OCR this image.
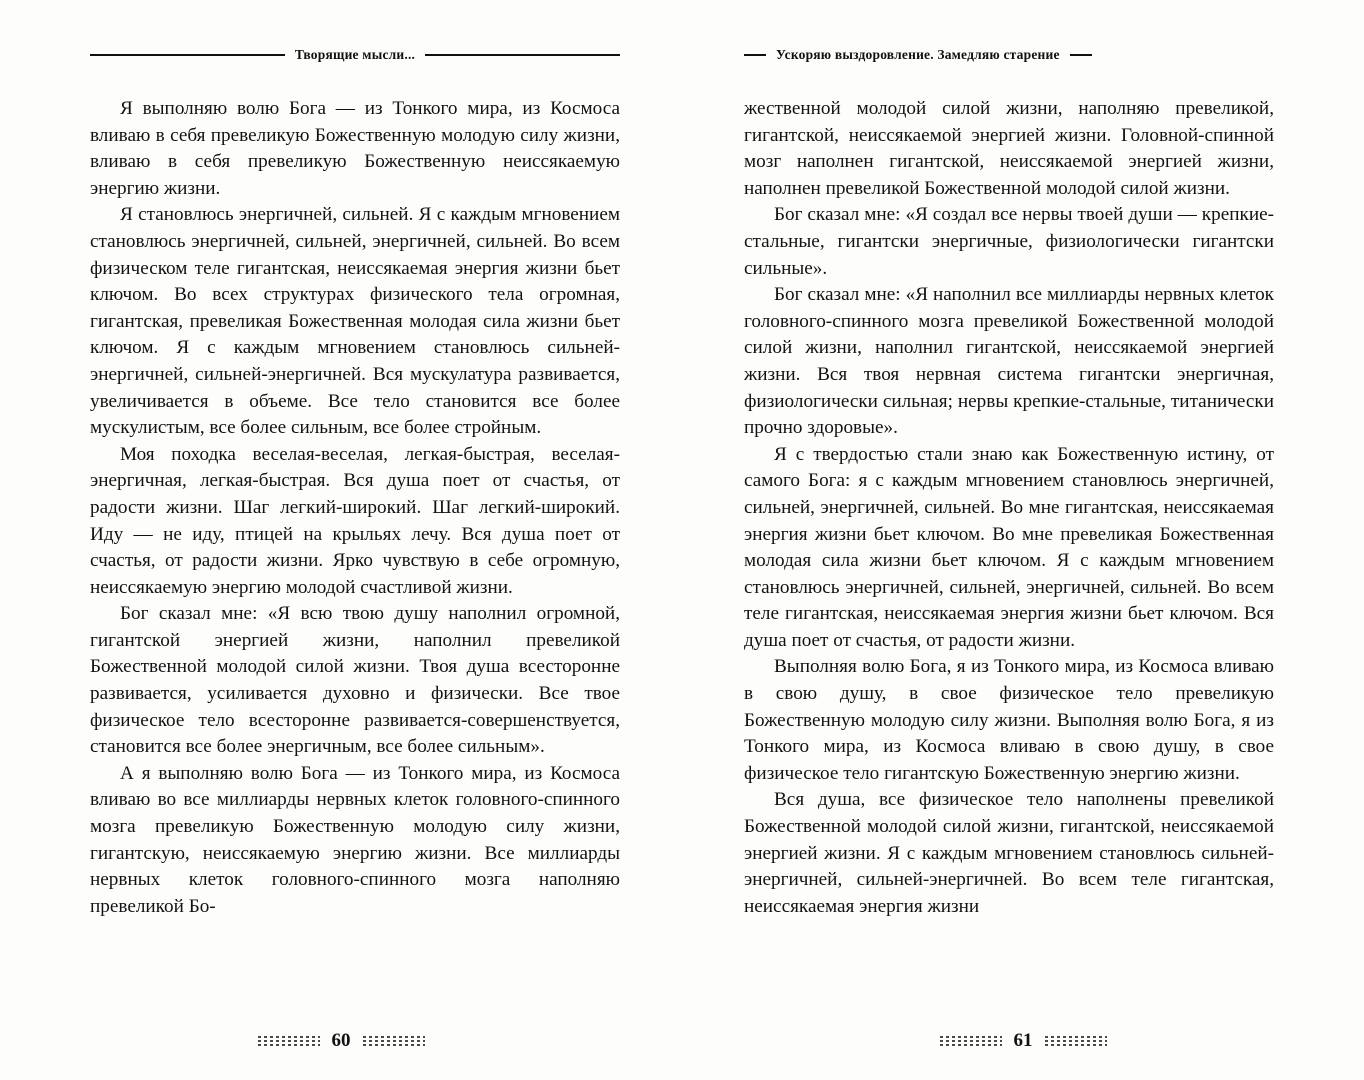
Творящие мысли...

Я выполняю волю Бога — из Тонкого мира, из Космоса вливаю в себя превеликую Божественную молодую силу жизни, вливаю в себя превеликую Божественную неиссякаемую энергию жизни.

Я становлюсь энергичней, сильней. Я с каждым мгновением становлюсь энергичней, сильней, энергичней, сильней. Во всем физическом теле гигантская, неиссякаемая энергия жизни бьет ключом. Во всех структурах физического тела огромная, гигантская, превеликая Божественная молодая сила жизни бьет ключом. Я с каждым мгновением становлюсь сильней-энергичней, сильней-энергичней. Вся мускулатура развивается, увеличивается в объеме. Все тело становится все более мускулистым, все более сильным, все более стройным.

Моя походка веселая-веселая, легкая-быстрая, веселая-энергичная, легкая-быстрая. Вся душа поет от счастья, от радости жизни. Шаг легкий-широкий. Шаг легкий-широкий. Иду — не иду, птицей на крыльях лечу. Вся душа поет от счастья, от радости жизни. Ярко чувствую в себе огромную, неиссякаемую энергию молодой счастливой жизни.

Бог сказал мне: «Я всю твою душу наполнил огромной, гигантской энергией жизни, наполнил превеликой Божественной молодой силой жизни. Твоя душа всесторонне развивается, усиливается духовно и физически. Все твое физическое тело всесторонне развивается-совершенствуется, становится все более энергичным, все более сильным».

А я выполняю волю Бога — из Тонкого мира, из Космоса вливаю во все миллиарды нервных клеток головного-спинного мозга превеликую Божественную молодую силу жизни, гигантскую, неиссякаемую энергию жизни. Все миллиарды нервных клеток головного-спинного мозга наполняю превеликой Бо-

60
Ускоряю выздоровление. Замедляю старение

жественной молодой силой жизни, наполняю превеликой, гигантской, неиссякаемой энергией жизни. Головной-спинной мозг наполнен гигантской, неиссякаемой энергией жизни, наполнен превеликой Божественной молодой силой жизни.

Бог сказал мне: «Я создал все нервы твоей души — крепкие-стальные, гигантски энергичные, физиологически гигантски сильные».

Бог сказал мне: «Я наполнил все миллиарды нервных клеток головного-спинного мозга превеликой Божественной молодой силой жизни, наполнил гигантской, неиссякаемой энергией жизни. Вся твоя нервная система гигантски энергичная, физиологически сильная; нервы крепкие-стальные, титанически прочно здоровые».

Я с твердостью стали знаю как Божественную истину, от самого Бога: я с каждым мгновением становлюсь энергичней, сильней, энергичней, сильней. Во мне гигантская, неиссякаемая энергия жизни бьет ключом. Во мне превеликая Божественная молодая сила жизни бьет ключом. Я с каждым мгновением становлюсь энергичней, сильней, энергичней, сильней. Во всем теле гигантская, неиссякаемая энергия жизни бьет ключом. Вся душа поет от счастья, от радости жизни.

Выполняя волю Бога, я из Тонкого мира, из Космоса вливаю в свою душу, в свое физическое тело превеликую Божественную молодую силу жизни. Выполняя волю Бога, я из Тонкого мира, из Космоса вливаю в свою душу, в свое физическое тело гигантскую Божественную энергию жизни.

Вся душа, все физическое тело наполнены превеликой Божественной молодой силой жизни, гигантской, неиссякаемой энергией жизни. Я с каждым мгновением становлюсь сильней-энергичней, сильней-энергичней. Во всем теле гигантская, неиссякаемая энергия жизни

61
